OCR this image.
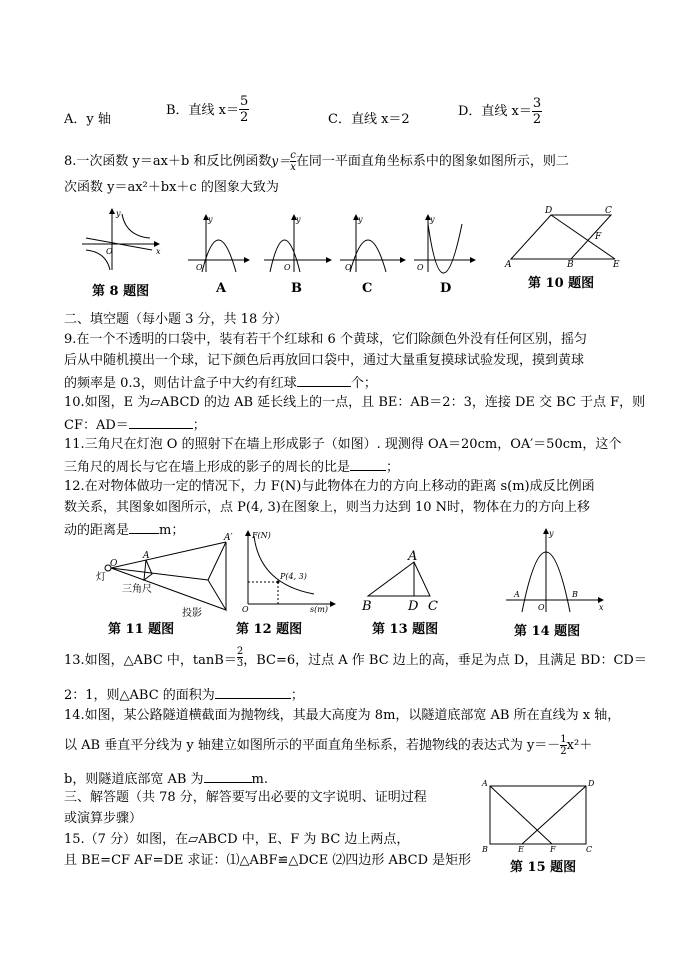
A．y 轴
B．直线 $x= \frac{5}{2}$	C．直线 x＝2
D．直线 $x= \frac{3}{2}$
8.一次函数 y＝ax＋b 和反比例函数$y= \frac{c}{x}$ 在同一平面直角坐标系中的图象如图所示，则二
次函数 y＝ax²＋bx＋c 的图象大致为
y
x
O
第 8 题图
y
O
A
y
O
B
y
O
C
y
O
D
D	C
F
A	B	E
第 10 题图
二、填空题（每小题 3 分，共 18 分）
9.在一个不透明的口袋中，装有若干个红球和 6 个黄球，它们除颜色外没有任何区别，摇匀
后从中随机摸出一个球，记下颜色后再放回口袋中，通过大量重复摸球试验发现，摸到黄球
的频率是 0.3，则估计盒子中大约有红球	个；
10.如图，E 为▱ABCD 的边 AB 延长线上的一点，且 BE：AB＝2：3，连接 DE 交 BC 于点 F，则
CF：AD＝	；
11.三角尺在灯泡 O 的照射下在墙上形成影子（如图）. 现测得 OA＝20cm，OA′＝50cm，这个
三角尺的周长与它在墙上形成的影子的周长的比是	；
12.在对物体做功一定的情况下，力 F(N)与此物体在力的方向上移动的距离 s(m)成反比例函
数关系，其图象如图所示，点 P(4, 3)在图象上，则当力达到 10 N时，物体在力的方向上移
动的距离是 m；
O
A
A′
灯
三角尺
投影
第 11 题图
F(N)
P(4, 3)
s(m)
O
第 12 题图
A
B	D C
第 13 题图
y
x
A	B
O
第 14 题图
13.如图，△ABC 中，$\tan B= \frac{2}{3}$ ，BC=6，过点 A 作 BC 边上的高，垂足为点 D，且满足 BD：CD＝
2：1，则△ABC 的面积为	；
14.如图，某公路隧道横截面为抛物线，其最大高度为 8m，以隧道底部宽 AB 所在直线为 x 轴，
以 AB 垂直平分线为 y 轴建立如图所示的平面直角坐标系，若抛物线的表达式为 $y=- \frac{1}{2} x^2+$
b，则隧道底部宽 AB 为	m.
三、解答题（共 78 分，解答要写出必要的文字说明、证明过程
或演算步骤）
15.（7 分）如图，在▱ABCD 中，E、F 为 BC 边上两点，
且 BE=CF AF=DE 求证：⑴△ABF≌△DCE ⑵四边形 ABCD 是矩形
A	D
B	E	F	C
第 15 题图
